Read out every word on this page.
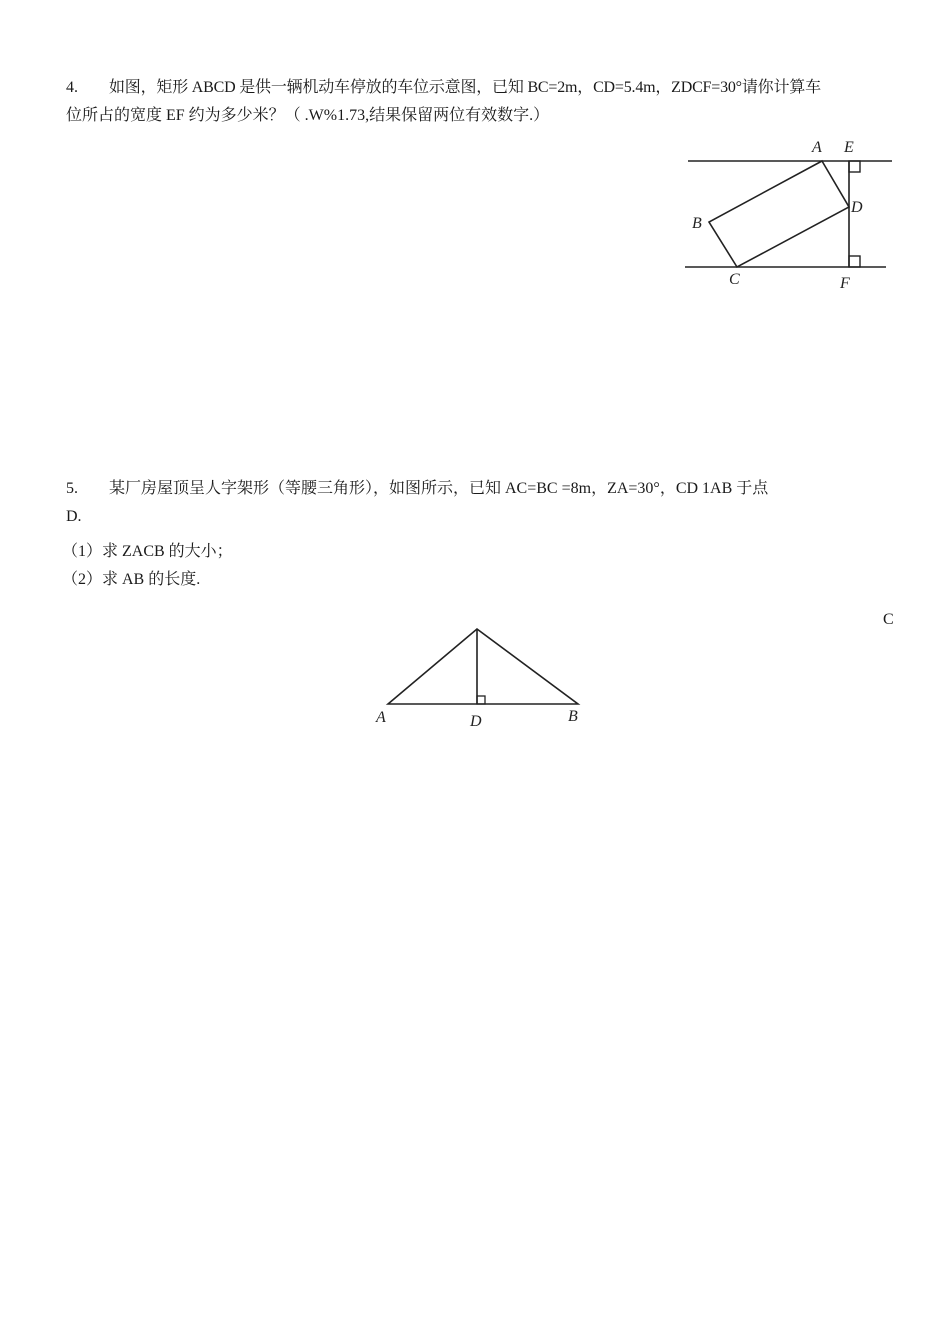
4. 如图，矩形 ABCD 是供一辆机动车停放的车位示意图，已知 BC=2m，CD=5.4m，ZDCF=30°请你计算车
位所占的宽度 EF 约为多少米？（ .W%1.73,结果保留两位有效数字.）
A E
B
D
C	F
5. 某厂房屋顶呈人字架形（等腰三角形），如图所示，已知 AC=BC =8m，ZA=30°，CD 1AB 于点
D.
（1）求 ZACB 的大小；
（2）求 AB 的长度.
C
A	D	B
